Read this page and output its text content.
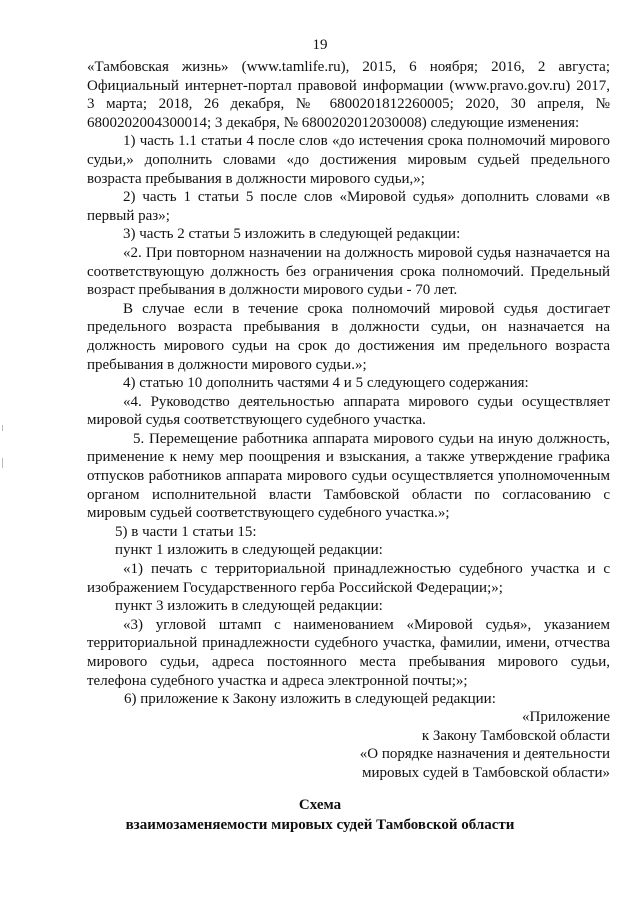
19

«Тамбовская жизнь» (www.tamlife.ru), 2015, 6 ноября; 2016, 2 августа; Официальный интернет-портал правовой информации (www.pravo.gov.ru) 2017, 3 марта; 2018, 26 декабря, № 6800201812260005; 2020, 30 апреля, № 6800202004300014; 3 декабря, № 6800202012030008) следующие изменения:

1) часть 1.1 статьи 4 после слов «до истечения срока полномочий мирового судьи,» дополнить словами «до достижения мировым судьей предельного возраста пребывания в должности мирового судьи,»;

2) часть 1 статьи 5 после слов «Мировой судья» дополнить словами «в первый раз»;

3) часть 2 статьи 5 изложить в следующей редакции:

«2. При повторном назначении на должность мировой судья назначается на соответствующую должность без ограничения срока полномочий. Предельный возраст пребывания в должности мирового судьи - 70 лет.

В случае если в течение срока полномочий мировой судья достигает предельного возраста пребывания в должности судьи, он назначается на должность мирового судьи на срок до достижения им предельного возраста пребывания в должности мирового судьи.»;

4) статью 10 дополнить частями 4 и 5 следующего содержания:

«4. Руководство деятельностью аппарата мирового судьи осуществляет мировой судья соответствующего судебного участка.

5. Перемещение работника аппарата мирового судьи на иную должность, применение к нему мер поощрения и взыскания, а также утверждение графика отпусков работников аппарата мирового судьи осуществляется уполномоченным органом исполнительной власти Тамбовской области по согласованию с мировым судьей соответствующего судебного участка.»;

5) в части 1 статьи 15:

пункт 1 изложить в следующей редакции:

«1) печать с территориальной принадлежностью судебного участка и с изображением Государственного герба Российской Федерации;»;

пункт 3 изложить в следующей редакции:

«3) угловой штамп с наименованием «Мировой судья», указанием территориальной принадлежности судебного участка, фамилии, имени, отчества мирового судьи, адреса постоянного места пребывания мирового судьи, телефона судебного участка и адреса электронной почты;»;

6) приложение к Закону изложить в следующей редакции:

«Приложение
к Закону Тамбовской области
«О порядке назначения и деятельности
мировых судей в Тамбовской области»
Схема
взаимозаменяемости мировых судей Тамбовской области
